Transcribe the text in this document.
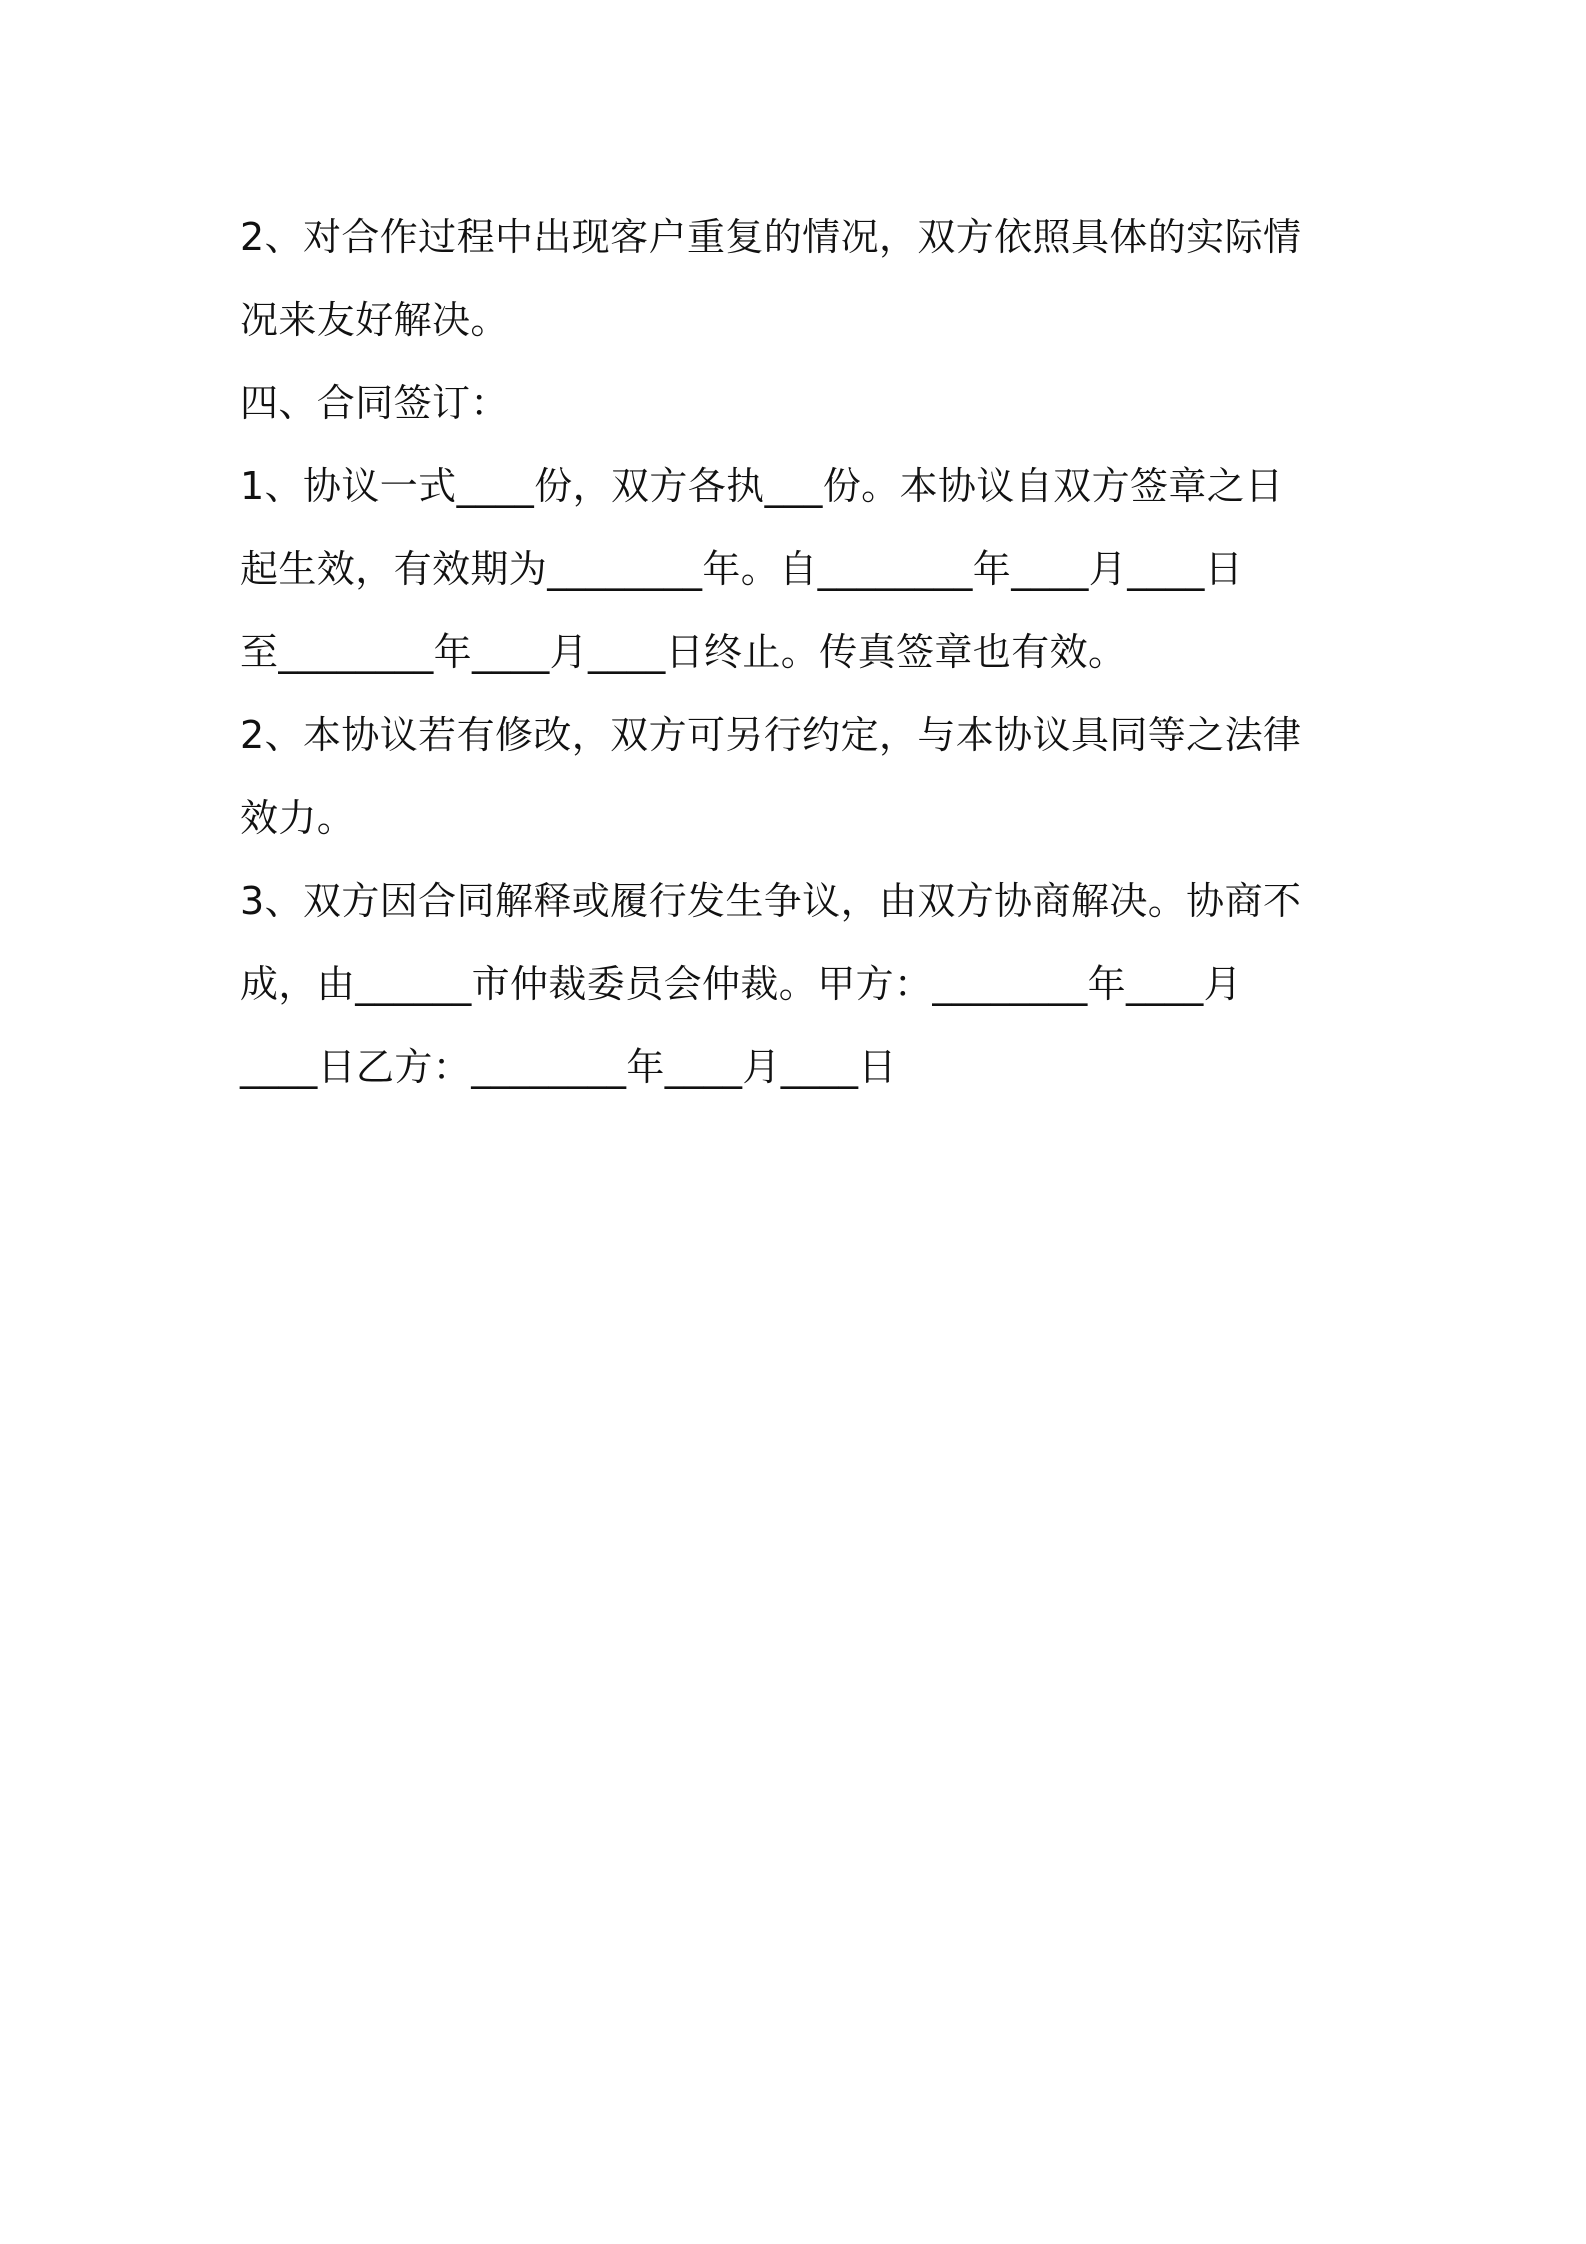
2、对合作过程中出现客户重复的情况，双方依照具体的实际情
况来友好解决。
四、合同签订：
1、协议一式____份，双方各执___份。本协议自双方签章之日
起生效，有效期为________年。自________年____月____日
至________年____月____日终止。传真签章也有效。
2、本协议若有修改，双方可另行约定，与本协议具同等之法律
效力。
3、双方因合同解释或履行发生争议，由双方协商解决。协商不
成，由______市仲裁委员会仲裁。甲方：________年____月
____日乙方：________年____月____日
